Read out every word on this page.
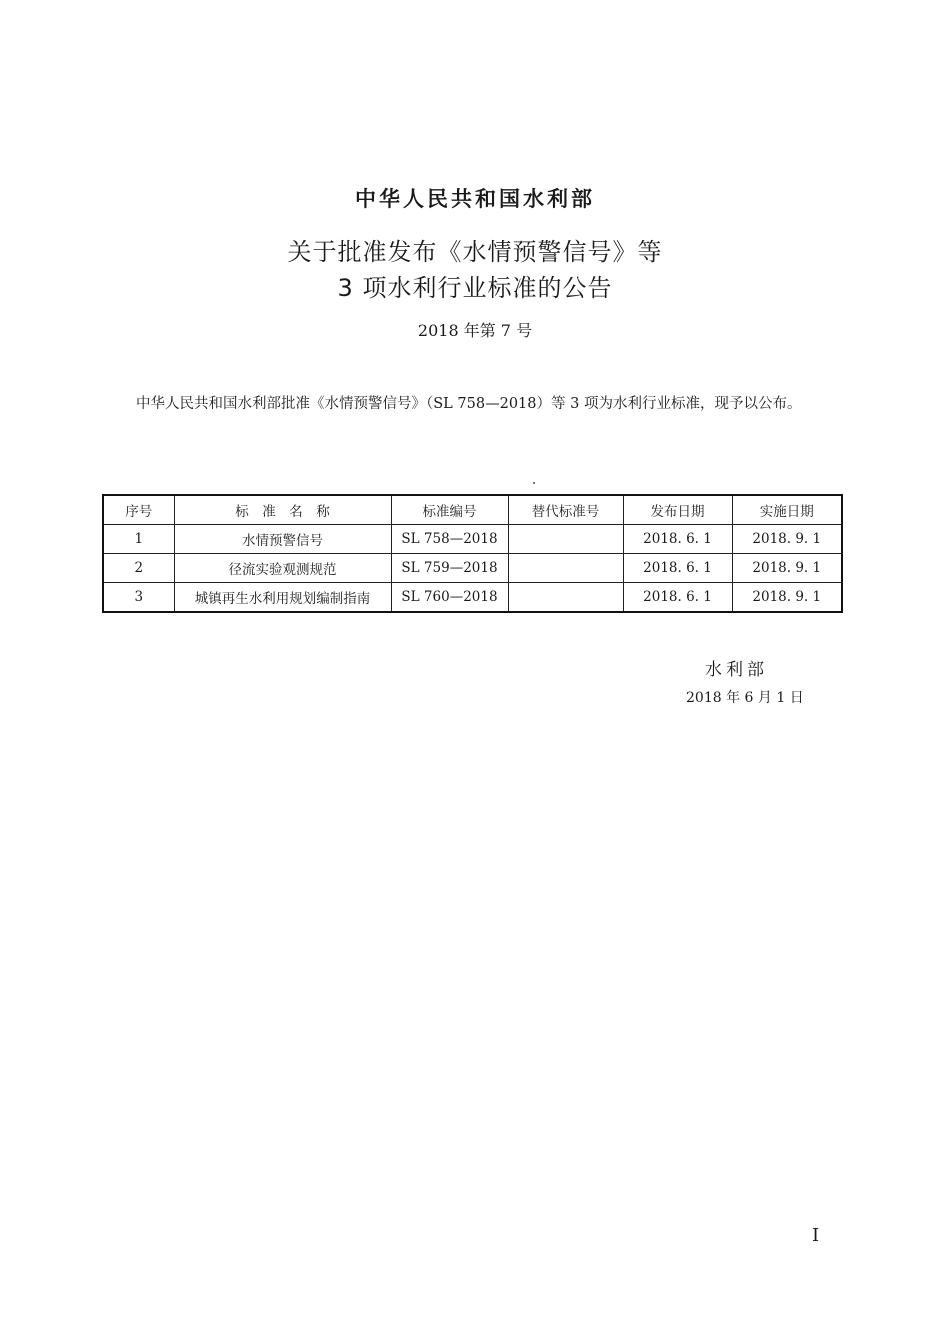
中华人民共和国水利部
关于批准发布《水情预警信号》等
3 项水利行业标准的公告
2018 年第 7 号
中华人民共和国水利部批准《水情预警信号》（SL 758—2018）等 3 项为水利行业标准，现予以公布。
序号	标　准　名　称	标准编号	替代标准号	发布日期	实施日期
1	水情预警信号	SL 758—2018		2018. 6. 1	2018. 9. 1
2	径流实验观测规范	SL 759—2018		2018. 6. 1	2018. 9. 1
3	城镇再生水利用规划编制指南	SL 760—2018		2018. 6. 1	2018. 9. 1
水利部
2018 年 6 月 1 日
I
